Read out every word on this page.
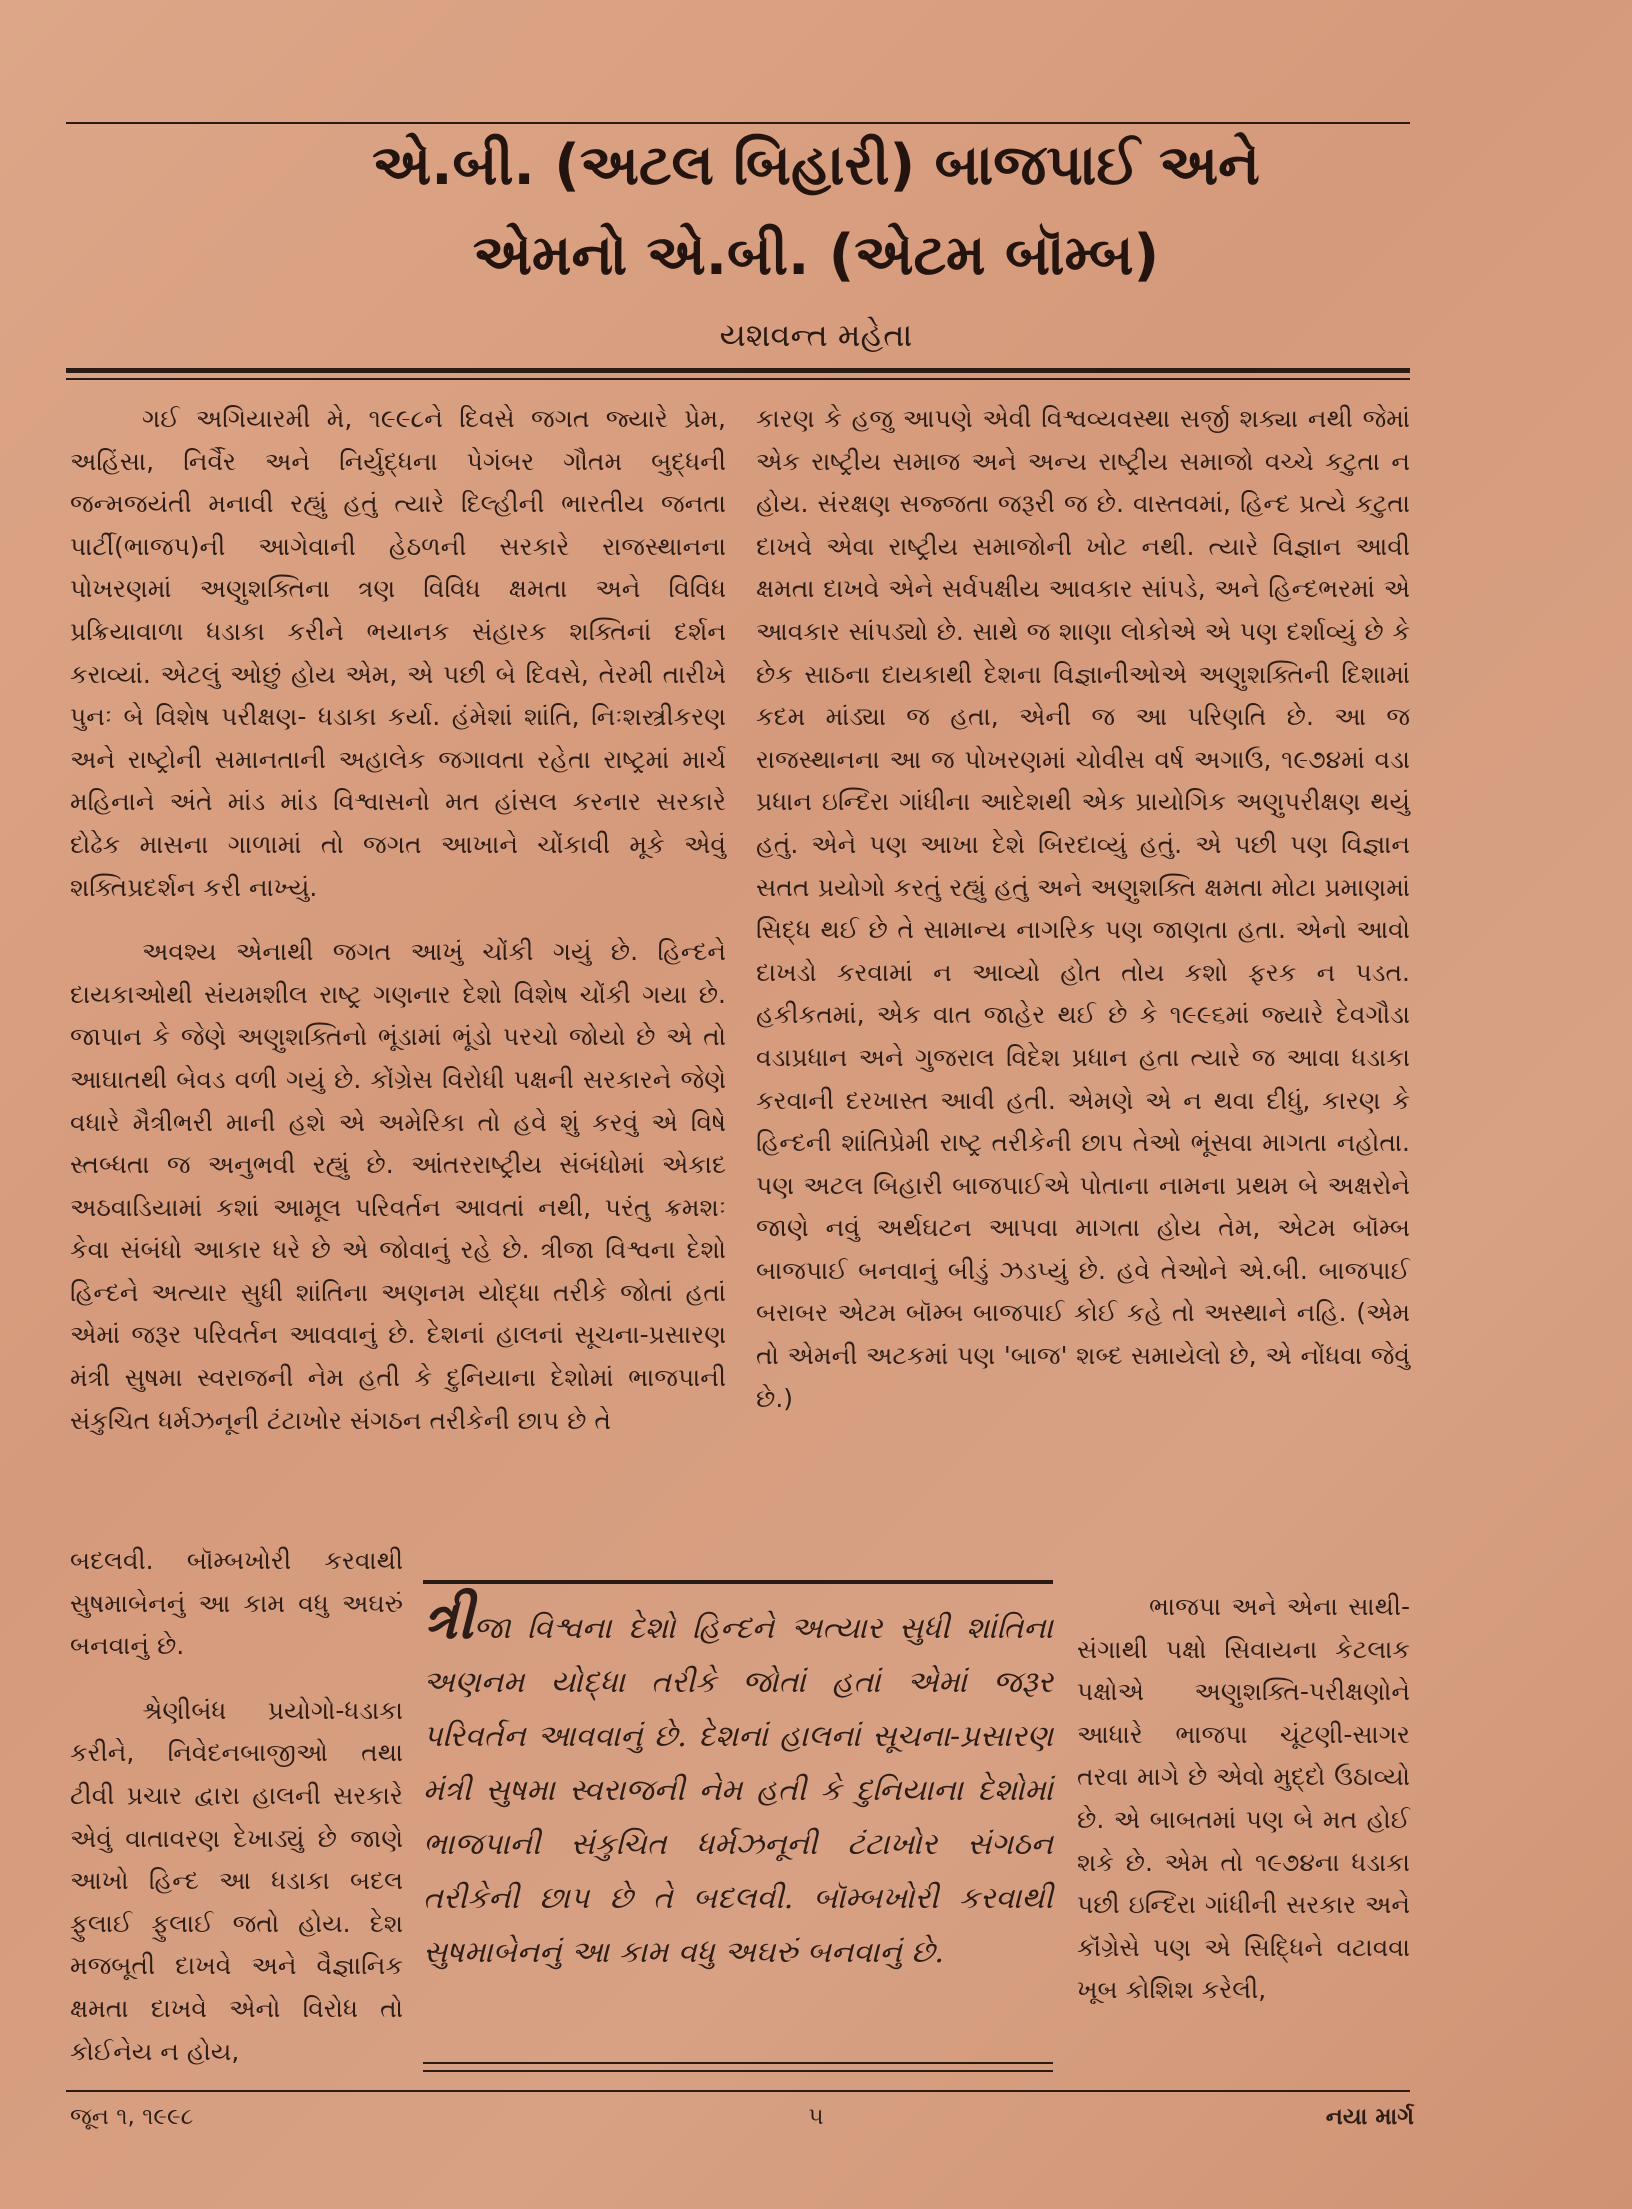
એ.બી. (અટલ બિહારી) બાજપાઈ અને
એમનો એ.બી. (એટમ બૉમ્બ)
યશવન્ત મહેતા

ગઈ અગિયારમી મે, ૧૯૯૮ને દિવસે જગત જ્યારે પ્રેમ, અહિંસા, નિર્વૈર અને નિર્યુદ્ધના પેગંબર ગૌતમ બુદ્ધની જન્મજયંતી મનાવી રહ્યું હતું ત્યારે દિલ્હીની ભારતીય જનતા પાર્ટી(ભાજપ)ની આગેવાની હેઠળની સરકારે રાજસ્થાનના પોખરણમાં અણુશક્તિના ત્રણ વિવિધ ક્ષમતા અને વિવિધ પ્રક્રિયાવાળા ધડાકા કરીને ભયાનક સંહારક શક્તિનાં દર્શન કરાવ્યાં. એટલું ઓછું હોય એમ, એ પછી બે દિવસે, તેરમી તારીખે પુનઃ બે વિશેષ પરીક્ષણ- ધડાકા કર્યા. હંમેશાં શાંતિ, નિઃશસ્ત્રીકરણ અને રાષ્ટ્રોની સમાનતાની અહાલેક જગાવતા રહેતા રાષ્ટ્રમાં માર્ચ મહિનાને અંતે માંડ માંડ વિશ્વાસનો મત હાંસલ કરનાર સરકારે દોઢેક માસના ગાળામાં તો જગત આખાને ચોંકાવી મૂકે એવું શક્તિપ્રદર્શન કરી નાખ્યું.

અવશ્ય એનાથી જગત આખું ચોંકી ગયું છે. હિન્દને દાયકાઓથી સંયમશીલ રાષ્ટ્ર ગણનાર દેશો વિશેષ ચોંકી ગયા છે. જાપાન કે જેણે અણુશક્તિનો ભૂંડામાં ભૂંડો પરચો જોયો છે એ તો આઘાતથી બેવડ વળી ગયું છે. કોંગ્રેસ વિરોધી પક્ષની સરકારને જેણે વધારે મૈત્રીભરી માની હશે એ અમેરિકા તો હવે શું કરવું એ વિષે સ્તબ્ધતા જ અનુભવી રહ્યું છે. આંતરરાષ્ટ્રીય સંબંધોમાં એકાદ અઠવાડિયામાં કશાં આમૂલ પરિવર્તન આવતાં નથી, પરંતુ ક્રમશઃ કેવા સંબંધો આકાર ધરે છે એ જોવાનું રહે છે. ત્રીજા વિશ્વના દેશો હિન્દને અત્યાર સુધી શાંતિના અણનમ યોદ્ધા તરીકે જોતાં હતાં એમાં જરૂર પરિવર્તન આવવાનું છે. દેશનાં હાલનાં સૂચના-પ્રસારણ મંત્રી સુષમા સ્વરાજની નેમ હતી કે દુનિયાના દેશોમાં ભાજપાની સંકુચિત ધર્મઝનૂની ટંટાખોર સંગઠન તરીકેની છાપ છે તે

બદલવી. બૉમ્બખોરી કરવાથી સુષમાબેનનું આ કામ વધુ અઘરું બનવાનું છે.

શ્રેણીબંધ પ્રયોગો-ધડાકા કરીને, નિવેદનબાજીઓ તથા ટીવી પ્રચાર દ્વારા હાલની સરકારે એવું વાતાવરણ દેખાડ્યું છે જાણે આખો હિન્દ આ ધડાકા બદલ ફુલાઈ ફુલાઈ જતો હોય. દેશ મજબૂતી દાખવે અને વૈજ્ઞાનિક ક્ષમતા દાખવે એનો વિરોધ તો કોઈનેય ન હોય,

કારણ કે હજુ આપણે એવી વિશ્વવ્યવસ્થા સર્જી શક્યા નથી જેમાં એક રાષ્ટ્રીય સમાજ અને અન્ય રાષ્ટ્રીય સમાજો વચ્ચે કટુતા ન હોય. સંરક્ષણ સજ્જતા જરૂરી જ છે. વાસ્તવમાં, હિન્દ પ્રત્યે કટુતા દાખવે એવા રાષ્ટ્રીય સમાજોની ખોટ નથી. ત્યારે વિજ્ઞાન આવી ક્ષમતા દાખવે એને સર્વપક્ષીય આવકાર સાંપડે, અને હિન્દભરમાં એ આવકાર સાંપડ્યો છે. સાથે જ શાણા લોકોએ એ પણ દર્શાવ્યું છે કે છેક સાઠના દાયકાથી દેશના વિજ્ઞાનીઓએ અણુશક્તિની દિશામાં કદમ માંડ્યા જ હતા, એની જ આ પરિણતિ છે. આ જ રાજસ્થાનના આ જ પોખરણમાં ચોવીસ વર્ષ અગાઉ, ૧૯૭૪માં વડા પ્રધાન ઇન્દિરા ગાંધીના આદેશથી એક પ્રાયોગિક અણુપરીક્ષણ થયું હતું. એને પણ આખા દેશે બિરદાવ્યું હતું. એ પછી પણ વિજ્ઞાન સતત પ્રયોગો કરતું રહ્યું હતું અને અણુશક્તિ ક્ષમતા મોટા પ્રમાણમાં સિદ્ધ થઈ છે તે સામાન્ય નાગરિક પણ જાણતા હતા. એનો આવો દાખડો કરવામાં ન આવ્યો હોત તોય કશો ફરક ન પડત. હકીકતમાં, એક વાત જાહેર થઈ છે કે ૧૯૯૬માં જ્યારે દેવગૌડા વડાપ્રધાન અને ગુજરાલ વિદેશ પ્રધાન હતા ત્યારે જ આવા ધડાકા કરવાની દરખાસ્ત આવી હતી. એમણે એ ન થવા દીધું, કારણ કે હિન્દની શાંતિપ્રેમી રાષ્ટ્ર તરીકેની છાપ તેઓ ભૂંસવા માગતા નહોતા. પણ અટલ બિહારી બાજપાઈએ પોતાના નામના પ્રથમ બે અક્ષરોને જાણે નવું અર્થઘટન આપવા માગતા હોય તેમ, એટમ બૉમ્બ બાજપાઈ બનવાનું બીડું ઝડપ્યું છે. હવે તેઓને એ.બી. બાજપાઈ બરાબર એટમ બૉમ્બ બાજપાઈ કોઈ કહે તો અસ્થાને નહિ. (એમ તો એમની અટકમાં પણ 'બાજ' શબ્દ સમાયેલો છે, એ નોંધવા જેવું છે.)

ત્રીજા વિશ્વના દેશો હિન્દને અત્યાર સુધી શાંતિના અણનમ યોદ્ધા તરીકે જોતાં હતાં એમાં જરૂર પરિવર્તન આવવાનું છે. દેશનાં હાલનાં સૂચના-પ્રસારણ મંત્રી સુષમા સ્વરાજની નેમ હતી કે દુનિયાના દેશોમાં ભાજપાની સંકુચિત ધર્મઝનૂની ટંટાખોર સંગઠન તરીકેની છાપ છે તે બદલવી. બૉમ્બખોરી કરવાથી સુષમાબેનનું આ કામ વધુ અઘરું બનવાનું છે.

ભાજપા અને એના સાથી-સંગાથી પક્ષો સિવાયના કેટલાક પક્ષોએ અણુશક્તિ-પરીક્ષણોને આધારે ભાજપા ચૂંટણી-સાગર તરવા માગે છે એવો મુદ્દો ઉઠાવ્યો છે. એ બાબતમાં પણ બે મત હોઈ શકે છે. એમ તો ૧૯૭૪ના ધડાકા પછી ઇન્દિરા ગાંધીની સરકાર અને કૉંગ્રેસે પણ એ સિદ્ધિને વટાવવા ખૂબ કોશિશ કરેલી,

જૂન ૧, ૧૯૯૮	૫	નયા માર્ગ
